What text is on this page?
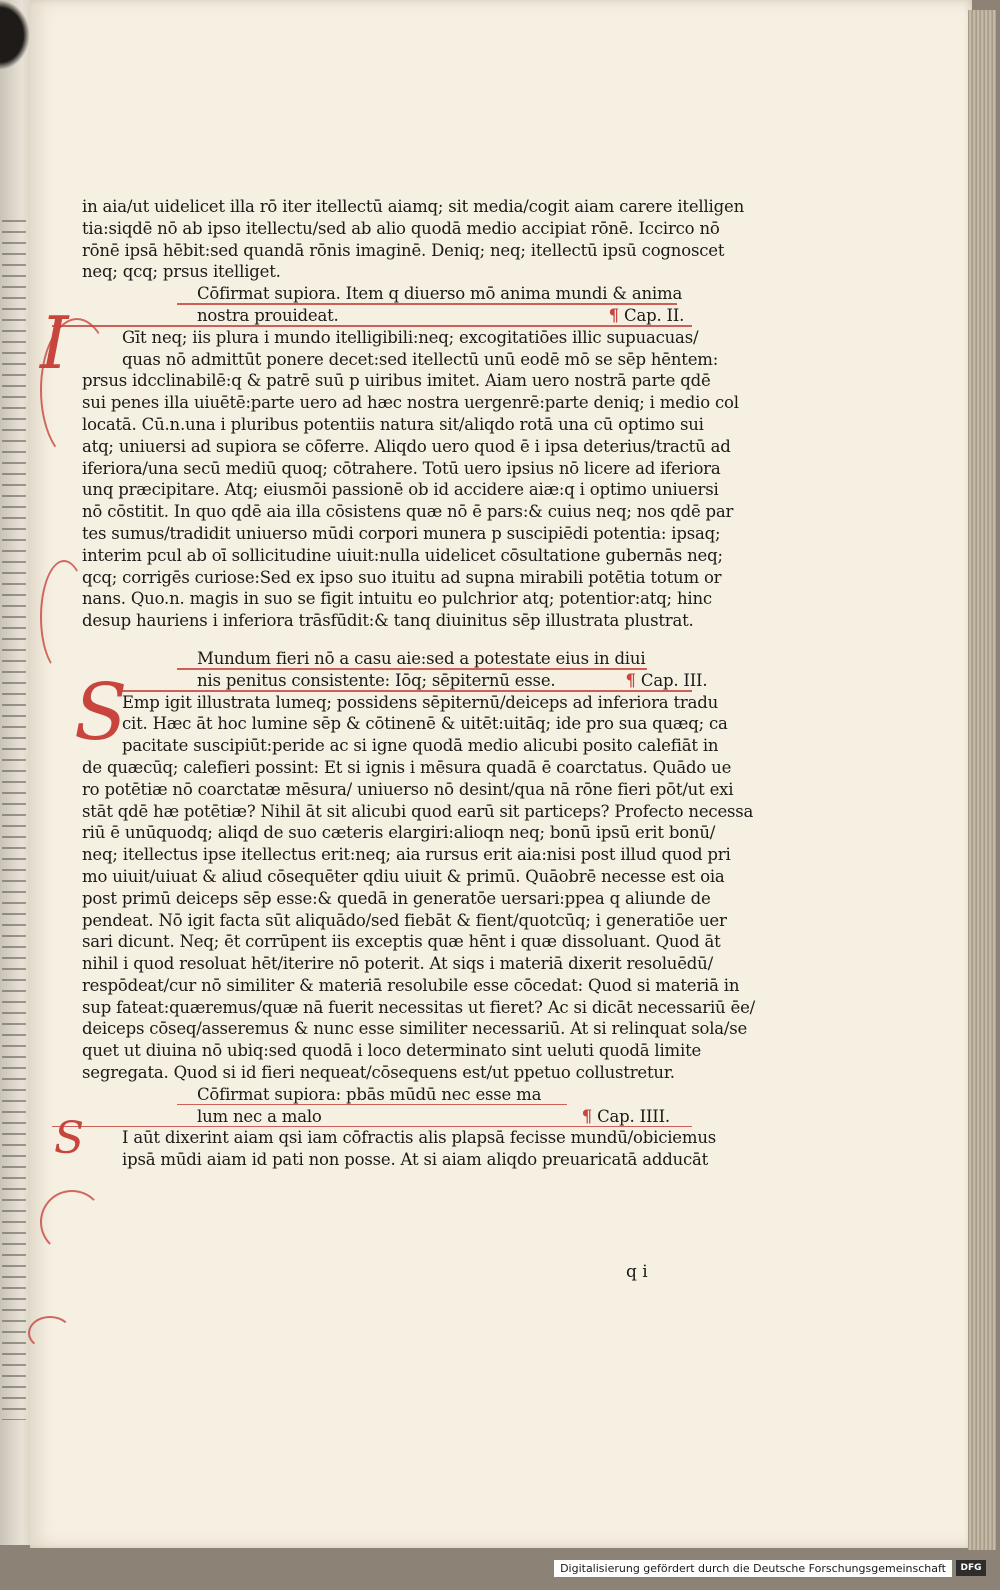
in aia/ut uidelicet illa rō iter itellectū aiamq; sit media/cogit aiam carere itelligen
tia:siqdē nō ab ipso itellectu/sed ab alio quodā medio accipiat rōnē. Iccirco nō
rōnē ipsā hēbit:sed quandā rōnis imaginē. Deniq; neq; itellectū ipsū cognoscet
neq; qcq; prsus itelliget.
Cōfirmat supiora. Item q diuerso mō anima mundi & anima
nostra prouideat.	¶ Cap. II.
I	Gīt neq; iis plura i mundo itelligibili:neq; excogitatiōes illic supuacuas/
quas nō admittūt ponere decet:sed itellectū unū eodē mō se sēp hēntem:
prsus idcclinabilē:q & patrē suū p uiribus imitet. Aiam uero nostrā parte qdē
sui penes illa uiuētē:parte uero ad hæc nostra uergenrē:parte deniq; i medio col
locatā. Cū.n.una i pluribus potentiis natura sit/aliqdo rotā una cū optimo sui
atq; uniuersi ad supiora se cōferre. Aliqdo uero quod ē i ipsa deterius/tractū ad
iferiora/una secū mediū quoq; cōtrahere. Totū uero ipsius nō licere ad iferiora
unq præcipitare. Atq; eiusmōi passionē ob id accidere aiæ:q i optimo uniuersi
nō cōstitit. In quo qdē aia illa cōsistens quæ nō ē pars:& cuius neq; nos qdē par
tes sumus/tradidit uniuerso mūdi corpori munera p suscipiēdi potentia: ipsaq;
interim pcul ab oī sollicitudine uiuit:nulla uidelicet cōsultatione gubernās neq;
qcq; corrigēs curiose:Sed ex ipso suo ituitu ad supna mirabili potētia totum or
nans. Quo.n. magis in suo se figit intuitu eo pulchrior atq; potentior:atq; hinc
desup hauriens i inferiora trāsfūdit:& tanq diuinitus sēp illustrata plustrat.
Mundum fieri nō a casu aie:sed a potestate eius in diui
nis penitus consistente: Iōq; sēpiternū esse.	¶ Cap. III.
S
Emp igit illustrata lumeq; possidens sēpiternū/deiceps ad inferiora tradu
cit. Hæc āt hoc lumine sēp & cōtinenē & uitēt:uitāq; ide pro sua quæq; ca
pacitate suscipiūt:peride ac si igne quodā medio alicubi posito calefiāt in
de quæcūq; calefieri possint: Et si ignis i mēsura quadā ē coarctatus. Quādo ue
ro potētiæ nō coarctatæ mēsura/ uniuerso nō desint/qua nā rōne fieri pōt/ut exi
stāt qdē hæ potētiæ? Nihil āt sit alicubi quod earū sit particeps? Profecto necessa
riū ē unūquodq; aliqd de suo cæteris elargiri:alioqn neq; bonū ipsū erit bonū/
neq; itellectus ipse itellectus erit:neq; aia rursus erit aia:nisi post illud quod pri
mo uiuit/uiuat & aliud cōsequēter qdiu uiuit & primū. Quāobrē necesse est oia
post primū deiceps sēp esse:& quedā in generatōe uersari:ppea q aliunde de
pendeat. Nō igit facta sūt aliquādo/sed fiebāt & fient/quotcūq; i generatiōe uer
sari dicunt. Neq; ēt corrūpent iis exceptis quæ hēnt i quæ dissoluant. Quod āt
nihil i quod resoluat hēt/iterire nō poterit. At siqs i materiā dixerit resoluēdū/
respōdeat/cur nō similiter & materiā resolubile esse cōcedat: Quod si materiā in
sup fateat:quæremus/quæ nā fuerit necessitas ut fieret? Ac si dicāt necessariū ēe/
deiceps cōseq/asseremus & nunc esse similiter necessariū. At si relinquat sola/se
quet ut diuina nō ubiq:sed quodā i loco determinato sint ueluti quodā limite
segregata. Quod si id fieri nequeat/cōsequens est/ut ppetuo collustretur.
Cōfirmat supiora: pbās mūdū nec esse ma
lum nec a malo	¶ Cap. IIII.
S	I aūt dixerint aiam qsi iam cōfractis alis plapsā fecisse mundū/obiciemus
ipsā mūdi aiam id pati non posse. At si aiam aliqdo preuaricatā adducāt
q i
Digitalisierung gefördert durch die Deutsche Forschungsgemeinschaft	DFG
